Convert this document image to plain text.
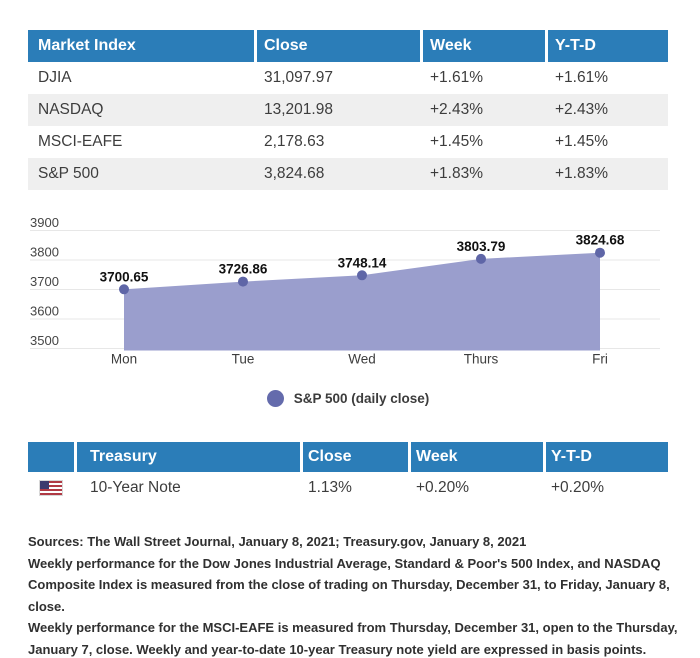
Market Index	Close	Week	Y-T-D
DJIA	31,097.97	+1.61%	+1.61%
NASDAQ	13,201.98	+2.43%	+2.43%
MSCI-EAFE	2,178.63	+1.45%	+1.45%
S&P 500	3,824.68	+1.83%	+1.83%
3900
3800
3700
3600
3500
3700.65
Mon
3726.86
Tue
3748.14
Wed
3803.79
Thurs
3824.68
Fri
S&P 500 (daily close)
Treasury	Close	Week	Y-T-D
10-Year Note	1.13%	+0.20%	+0.20%
Sources: The Wall Street Journal, January 8, 2021; Treasury.gov, January 8, 2021
Weekly performance for the Dow Jones Industrial Average, Standard & Poor's 500 Index, and NASDAQ
Composite Index is measured from the close of trading on Thursday, December 31, to Friday, January 8, close.
Weekly performance for the MSCI-EAFE is measured from Thursday, December 31, open to the Thursday,
January 7, close. Weekly and year-to-date 10-year Treasury note yield are expressed in basis points.
